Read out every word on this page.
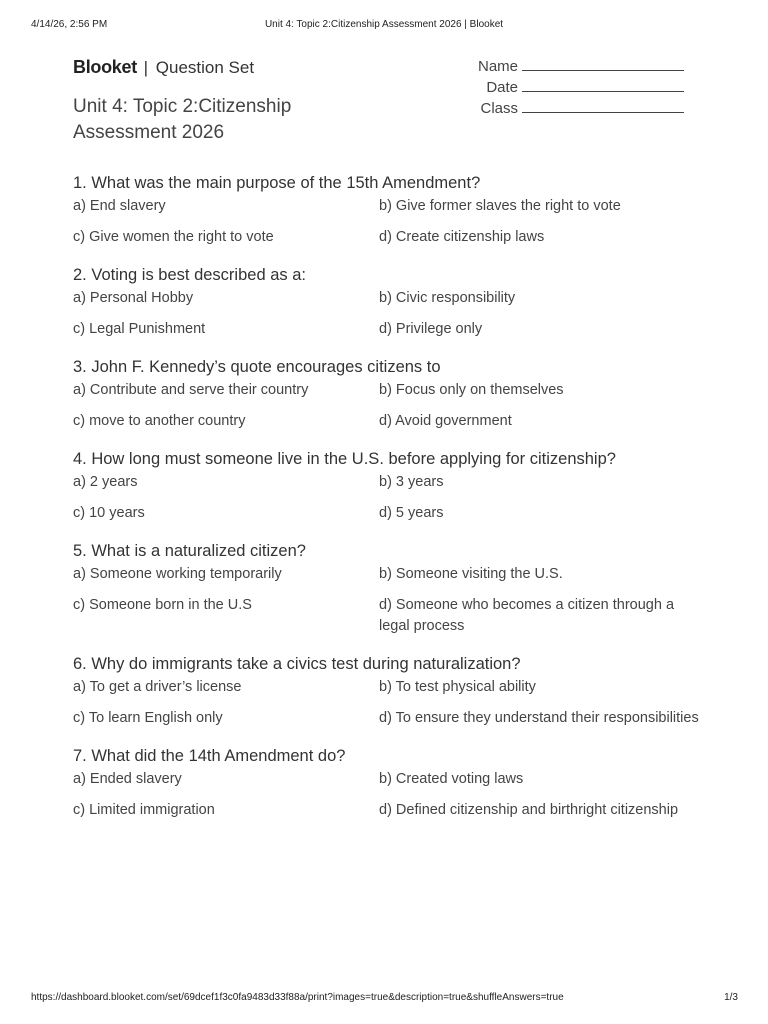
4/14/26, 2:56 PM	Unit 4: Topic 2:Citizenship Assessment 2026 | Blooket
Blooket | Question Set
Unit 4: Topic 2:Citizenship Assessment 2026
Name
Date
Class
1. What was the main purpose of the 15th Amendment?
a) End slavery	b) Give former slaves the right to vote
c) Give women the right to vote	d) Create citizenship laws
2. Voting is best described as a:
a) Personal Hobby	b) Civic responsibility
c) Legal Punishment	d) Privilege only
3. John F. Kennedy’s quote encourages citizens to
a) Contribute and serve their country	b) Focus only on themselves
c) move to another country	d) Avoid government
4. How long must someone live in the U.S. before applying for citizenship?
a) 2 years	b) 3 years
c) 10 years	d) 5 years
5. What is a naturalized citizen?
a) Someone working temporarily	b) Someone visiting the U.S.
c) Someone born in the U.S	d) Someone who becomes a citizen through a legal process
6. Why do immigrants take a civics test during naturalization?
a) To get a driver’s license	b) To test physical ability
c) To learn English only	d) To ensure they understand their responsibilities
7. What did the 14th Amendment do?
a) Ended slavery	b) Created voting laws
c) Limited immigration	d) Defined citizenship and birthright citizenship
https://dashboard.blooket.com/set/69dcef1f3c0fa9483d33f88a/print?images=true&description=true&shuffleAnswers=true	1/3
